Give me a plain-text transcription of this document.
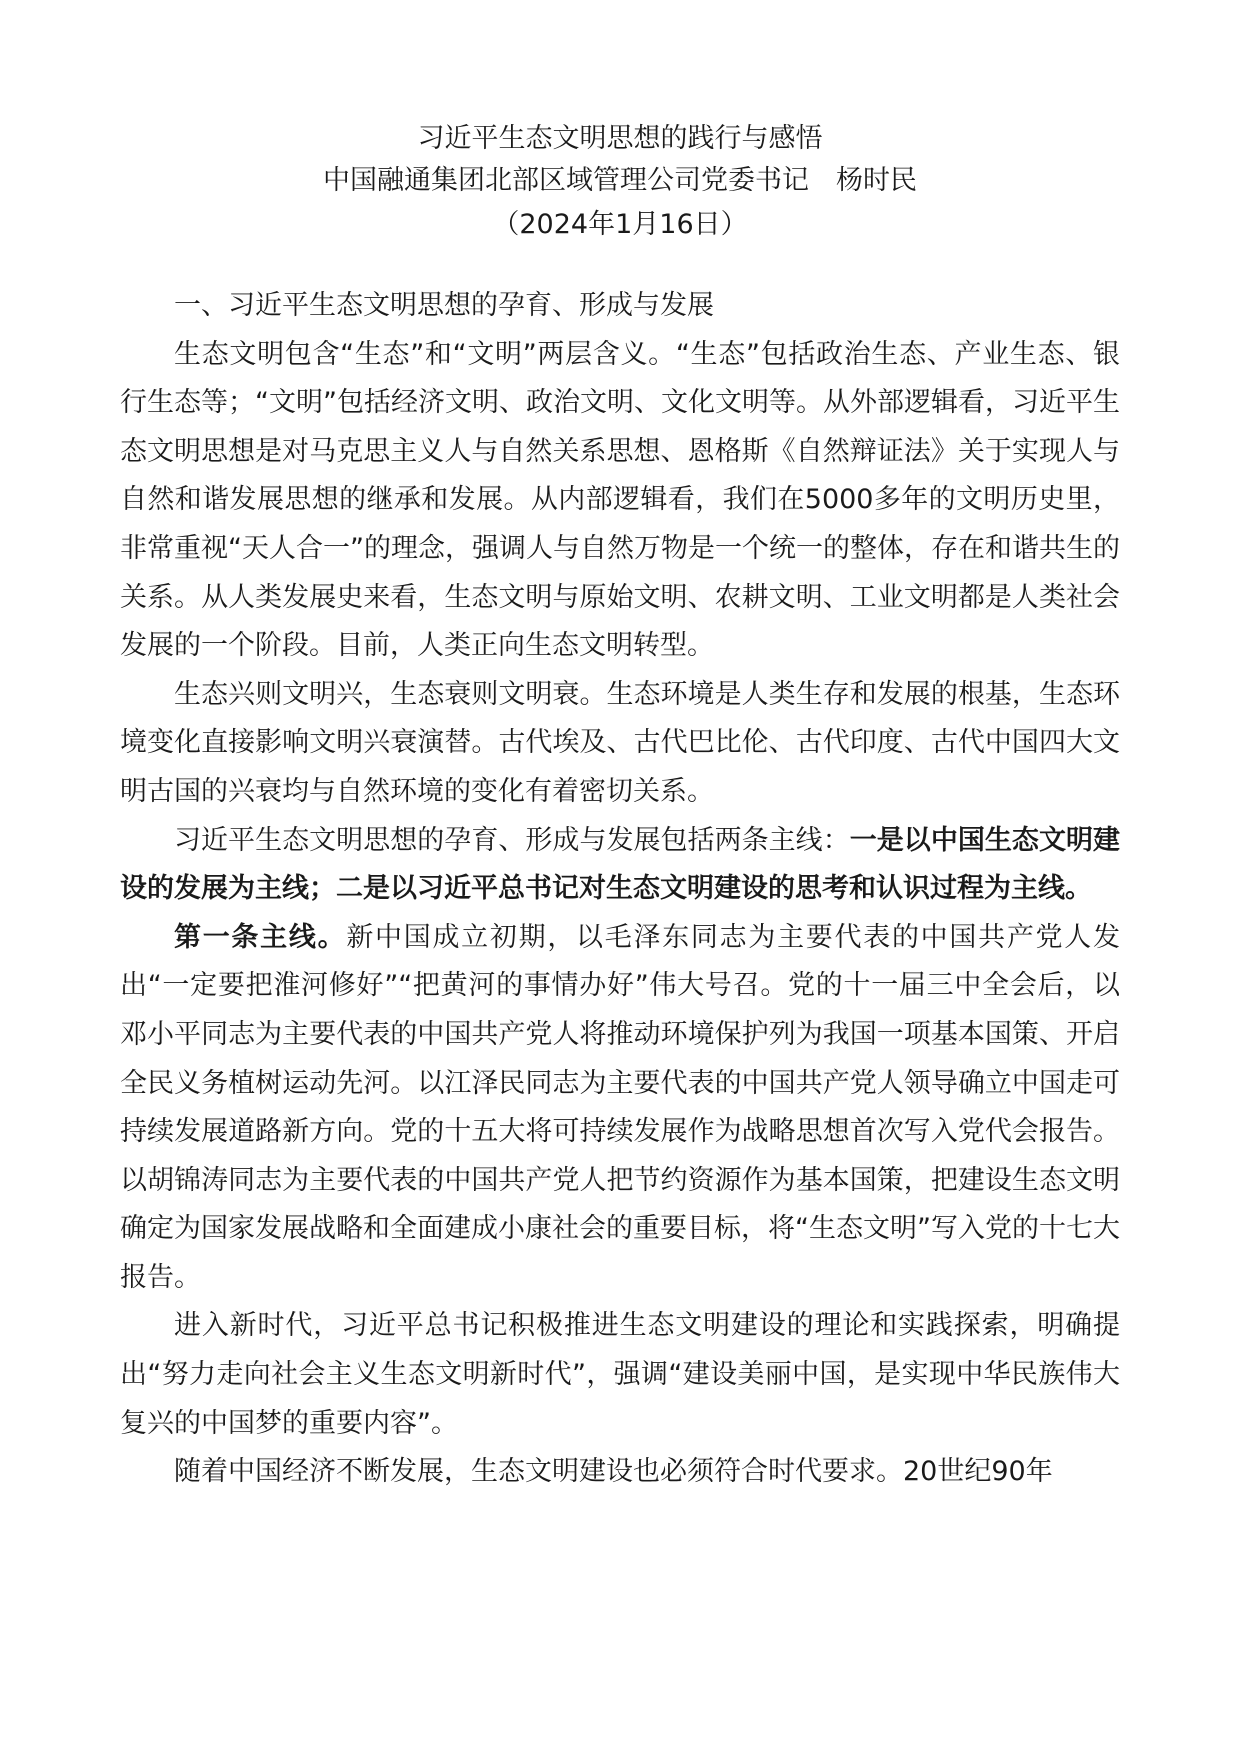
习近平生态文明思想的践行与感悟

中国融通集团北部区域管理公司党委书记　杨时民

（2024年1月16日）

一、习近平生态文明思想的孕育、形成与发展

生态文明包含“生态”和“文明”两层含义。“生态”包括政治生态、产业生态、银行生态等；“文明”包括经济文明、政治文明、文化文明等。从外部逻辑看，习近平生态文明思想是对马克思主义人与自然关系思想、恩格斯《自然辩证法》关于实现人与自然和谐发展思想的继承和发展。从内部逻辑看，我们在5000多年的文明历史里，非常重视“天人合一”的理念，强调人与自然万物是一个统一的整体，存在和谐共生的关系。从人类发展史来看，生态文明与原始文明、农耕文明、工业文明都是人类社会发展的一个阶段。目前，人类正向生态文明转型。

生态兴则文明兴，生态衰则文明衰。生态环境是人类生存和发展的根基，生态环境变化直接影响文明兴衰演替。古代埃及、古代巴比伦、古代印度、古代中国四大文明古国的兴衰均与自然环境的变化有着密切关系。

习近平生态文明思想的孕育、形成与发展包括两条主线：一是以中国生态文明建设的发展为主线；二是以习近平总书记对生态文明建设的思考和认识过程为主线。

第一条主线。新中国成立初期，以毛泽东同志为主要代表的中国共产党人发出“一定要把淮河修好”“把黄河的事情办好”伟大号召。党的十一届三中全会后，以邓小平同志为主要代表的中国共产党人将推动环境保护列为我国一项基本国策、开启全民义务植树运动先河。以江泽民同志为主要代表的中国共产党人领导确立中国走可持续发展道路新方向。党的十五大将可持续发展作为战略思想首次写入党代会报告。以胡锦涛同志为主要代表的中国共产党人把节约资源作为基本国策，把建设生态文明确定为国家发展战略和全面建成小康社会的重要目标，将“生态文明”写入党的十七大报告。

进入新时代，习近平总书记积极推进生态文明建设的理论和实践探索，明确提出“努力走向社会主义生态文明新时代”，强调“建设美丽中国，是实现中华民族伟大复兴的中国梦的重要内容”。

随着中国经济不断发展，生态文明建设也必须符合时代要求。20世纪90年
